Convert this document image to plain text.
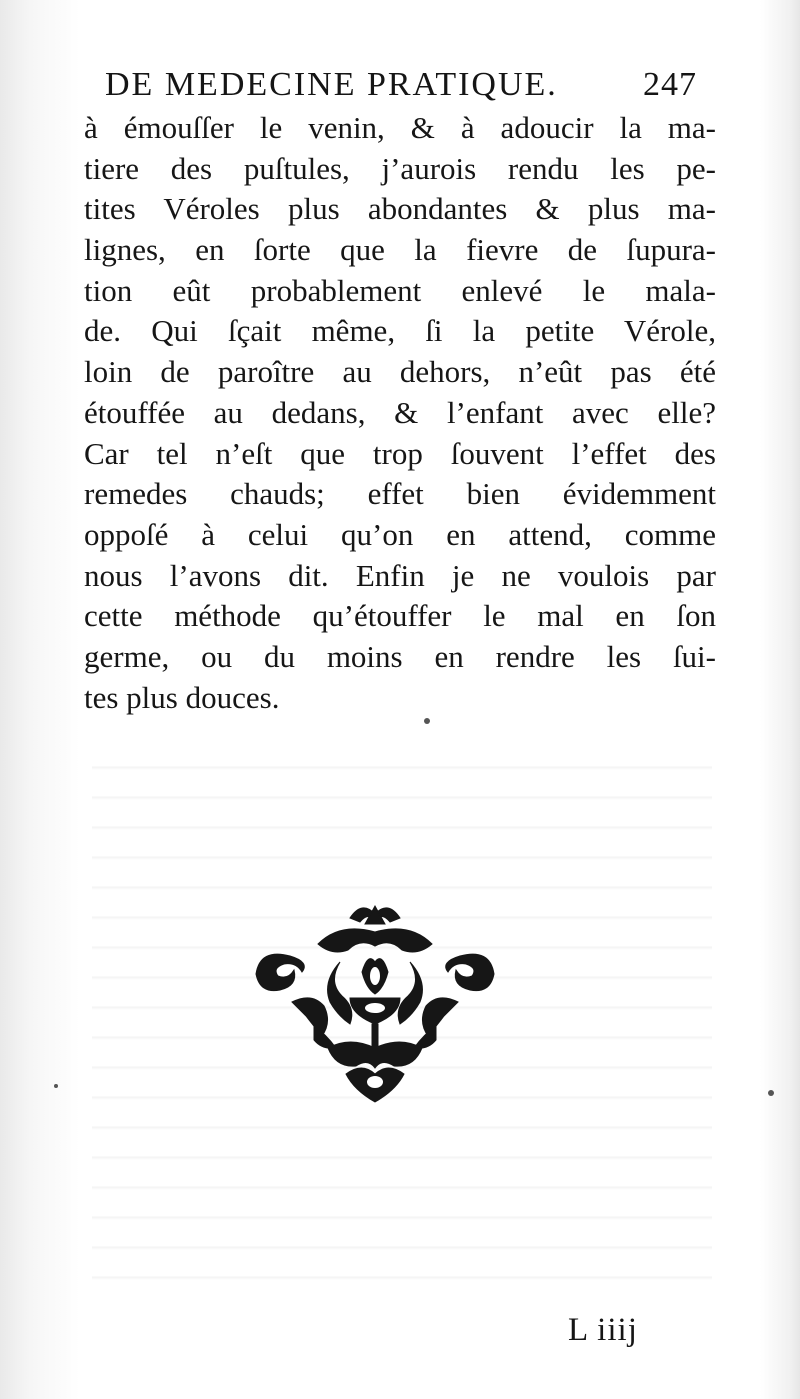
DE MEDECINE PRATIQUE.	247
à émouſſer le venin, & à adoucir la ma-
tiere des puſtules, j’aurois rendu les pe-
tites Véroles plus abondantes & plus ma-
lignes, en ſorte que la fievre de ſupura-
tion eût probablement enlevé le mala-
de. Qui ſçait même, ſi la petite Vérole,
loin de paroître au dehors, n’eût pas été
étouffée au dedans, & l’enfant avec elle?
Car tel n’eſt que trop ſouvent l’effet des
remedes chauds; effet bien évidemment
oppoſé à celui qu’on en attend, comme
nous l’avons dit. Enfin je ne voulois par
cette méthode qu’étouffer le mal en ſon
germe, ou du moins en rendre les ſui-
tes plus douces.
L iiij
